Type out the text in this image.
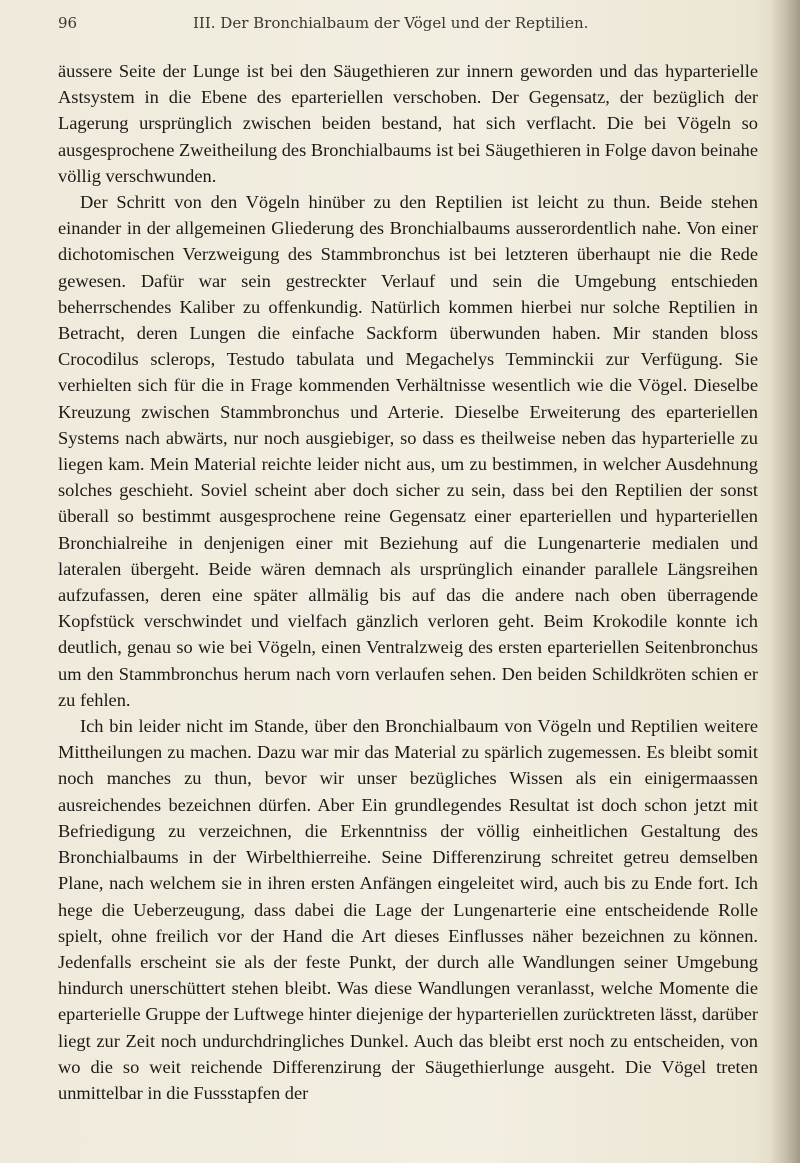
96	III. Der Bronchialbaum der Vögel und der Reptilien.

äussere Seite der Lunge ist bei den Säugethieren zur innern geworden und das hyparterielle Astsystem in die Ebene des eparteriellen verschoben. Der Gegensatz, der bezüglich der Lagerung ursprünglich zwischen beiden bestand, hat sich verflacht. Die bei Vögeln so ausgesprochene Zweitheilung des Bronchialbaums ist bei Säugethieren in Folge davon beinahe völlig verschwunden.

Der Schritt von den Vögeln hinüber zu den Reptilien ist leicht zu thun. Beide stehen einander in der allgemeinen Gliederung des Bronchialbaums ausserordentlich nahe. Von einer dichotomischen Verzweigung des Stammbronchus ist bei letzteren überhaupt nie die Rede gewesen. Dafür war sein gestreckter Verlauf und sein die Umgebung entschieden beherrschendes Kaliber zu offenkundig. Natürlich kommen hierbei nur solche Reptilien in Betracht, deren Lungen die einfache Sackform überwunden haben. Mir standen bloss Crocodilus sclerops, Testudo tabulata und Megachelys Temminckii zur Verfügung. Sie verhielten sich für die in Frage kommenden Verhältnisse wesentlich wie die Vögel. Dieselbe Kreuzung zwischen Stammbronchus und Arterie. Dieselbe Erweiterung des eparteriellen Systems nach abwärts, nur noch ausgiebiger, so dass es theilweise neben das hyparterielle zu liegen kam. Mein Material reichte leider nicht aus, um zu bestimmen, in welcher Ausdehnung solches geschieht. Soviel scheint aber doch sicher zu sein, dass bei den Reptilien der sonst überall so bestimmt ausgesprochene reine Gegensatz einer eparteriellen und hyparteriellen Bronchialreihe in denjenigen einer mit Beziehung auf die Lungenarterie medialen und lateralen übergeht. Beide wären demnach als ursprünglich einander parallele Längsreihen aufzufassen, deren eine später allmälig bis auf das die andere nach oben überragende Kopfstück verschwindet und vielfach gänzlich verloren geht. Beim Krokodile konnte ich deutlich, genau so wie bei Vögeln, einen Ventralzweig des ersten eparteriellen Seitenbronchus um den Stammbronchus herum nach vorn verlaufen sehen. Den beiden Schildkröten schien er zu fehlen.

Ich bin leider nicht im Stande, über den Bronchialbaum von Vögeln und Reptilien weitere Mittheilungen zu machen. Dazu war mir das Material zu spärlich zugemessen. Es bleibt somit noch manches zu thun, bevor wir unser bezügliches Wissen als ein einigermaassen ausreichendes bezeichnen dürfen. Aber Ein grundlegendes Resultat ist doch schon jetzt mit Befriedigung zu verzeichnen, die Erkenntniss der völlig einheitlichen Gestaltung des Bronchialbaums in der Wirbelthierreihe. Seine Differenzirung schreitet getreu demselben Plane, nach welchem sie in ihren ersten Anfängen eingeleitet wird, auch bis zu Ende fort. Ich hege die Ueberzeugung, dass dabei die Lage der Lungenarterie eine entscheidende Rolle spielt, ohne freilich vor der Hand die Art dieses Einflusses näher bezeichnen zu können. Jedenfalls erscheint sie als der feste Punkt, der durch alle Wandlungen seiner Umgebung hindurch unerschüttert stehen bleibt. Was diese Wandlungen veranlasst, welche Momente die eparterielle Gruppe der Luftwege hinter diejenige der hyparteriellen zurücktreten lässt, darüber liegt zur Zeit noch undurchdringliches Dunkel. Auch das bleibt erst noch zu entscheiden, von wo die so weit reichende Differenzirung der Säugethierlunge ausgeht. Die Vögel treten unmittelbar in die Fussstapfen der
